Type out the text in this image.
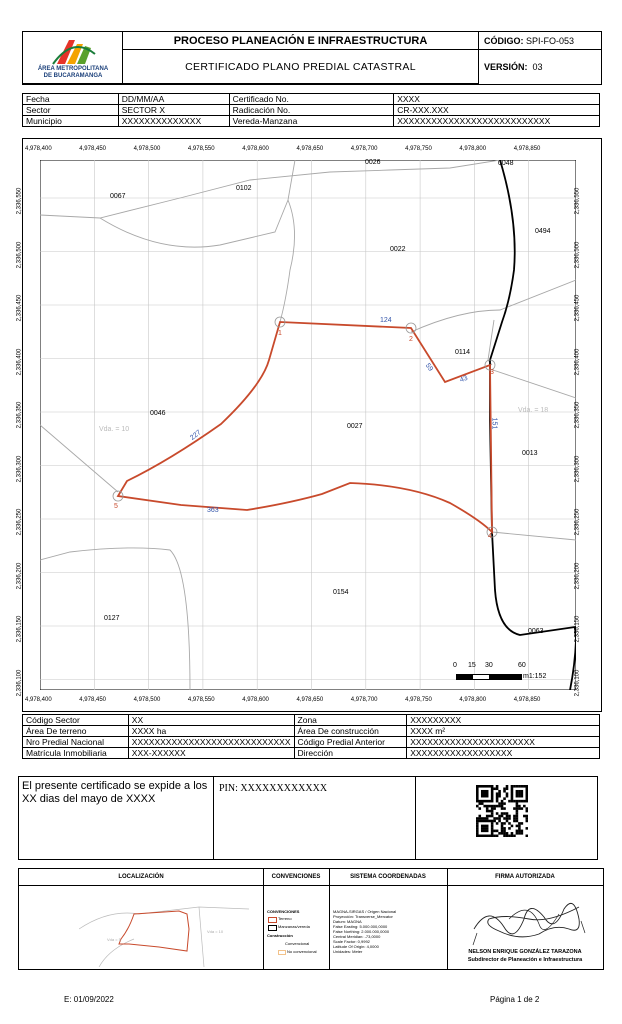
ÁREA METROPOLITANA
DE BUCARAMANGA
PROCESO PLANEACIÓN E INFRAESTRUCTURA
CERTIFICADO PLANO PREDIAL CATASTRAL
CÓDIGO: SPI-FO-053
VERSIÓN: 03
Fecha	DD/MM/AA	Certificado No.	XXXX
Sector	SECTOR X	Radicación No.	CR-XXX.XXX
Municipio	XXXXXXXXXXXXXX	Vereda-Manzana	XXXXXXXXXXXXXXXXXXXXXXXXXXX
0026	0048
0067
0102
0494
0022
0114
0046
0027
0013
0154
0127
0063
1
2
3
4
5
124
59
43
151
227
363
Vda. = 10
Vda. = 18
0 15 30	60
m1:152
Código Sector	XX	Zona	XXXXXXXXX
Área De terreno	XXXX ha	Área De construcción	XXXX m²
Nro Predial Nacional	XXXXXXXXXXXXXXXXXXXXXXXXXXXX	Código Predial Anterior	XXXXXXXXXXXXXXXXXXXXXX
Matrícula Inmobiliaria	XXX-XXXXXX	Dirección	XXXXXXXXXXXXXXXXXX
El presente certificado se expide a los XX dias del mayo de XXXX
PIN: XXXXXXXXXXXX
LOCALIZACIÓN	CONVENCIONES	SISTEMA COORDENADAS	FIRMA AUTORIZADA
Vda = 5
Vda = 10
CONVENCIONES
Terreno
Manzanas/vereda
Construcción
Convencional
No convencional
MAGNA-SIRGAS / Origen Nacional
Proyección: Transverse_Mercator
Datum: MAGNA
False Easting: 5.000.000,0000
False Northing: 2.000.000,0000
Central Meridian: -73,0000
Scale Factor: 0,9992
Latitude Of Origin: 4,0000
Unidades: Meter	NELSON ENRIQUE GONZÁLEZ TARAZONA
Subdirector de Planeación e Infraestructura
E: 01/09/2022	Página 1 de 2
4,978,400
4,978,400
4,978,450
4,978,450
4,978,500
4,978,500
4,978,550
4,978,550
4,978,600
4,978,600
4,978,650
4,978,650
4,978,700
4,978,700
4,978,750
4,978,750
4,978,800
4,978,800
4,978,850
4,978,850
2,336,550	2,336,550
2,336,500	2,336,500
2,336,450	2,336,450
2,336,400	2,336,400
2,336,350	2,336,350
2,336,300	2,336,300
2,336,250	2,336,250
2,336,200	2,336,200
2,336,150	2,336,150
2,336,100	2,336,100
